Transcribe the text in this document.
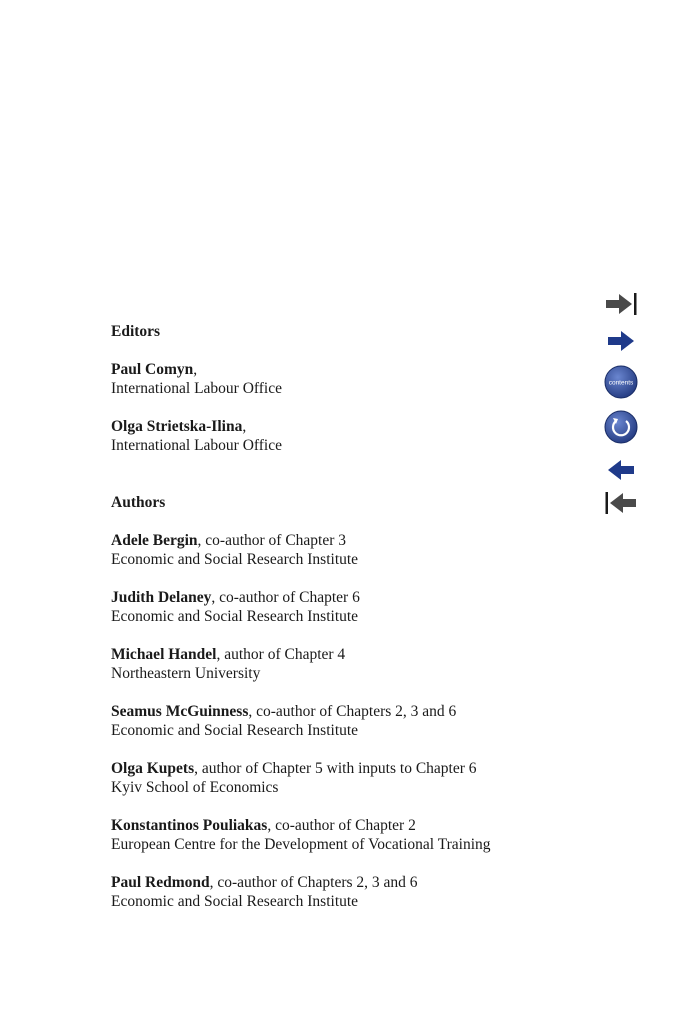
Editors

Paul Comyn,
International Labour Office
Olga Strietska-Ilina,
International Labour Office

Authors

Adele Bergin, co-author of Chapter 3
Economic and Social Research Institute
Judith Delaney, co-author of Chapter 6
Economic and Social Research Institute
Michael Handel, author of Chapter 4
Northeastern University
Seamus McGuinness, co-author of Chapters 2, 3 and 6
Economic and Social Research Institute
Olga Kupets, author of Chapter 5 with inputs to Chapter 6
Kyiv School of Economics
Konstantinos Pouliakas, co-author of Chapter 2
European Centre for the Development of Vocational Training
Paul Redmond, co-author of Chapters 2, 3 and 6
Economic and Social Research Institute
contents
